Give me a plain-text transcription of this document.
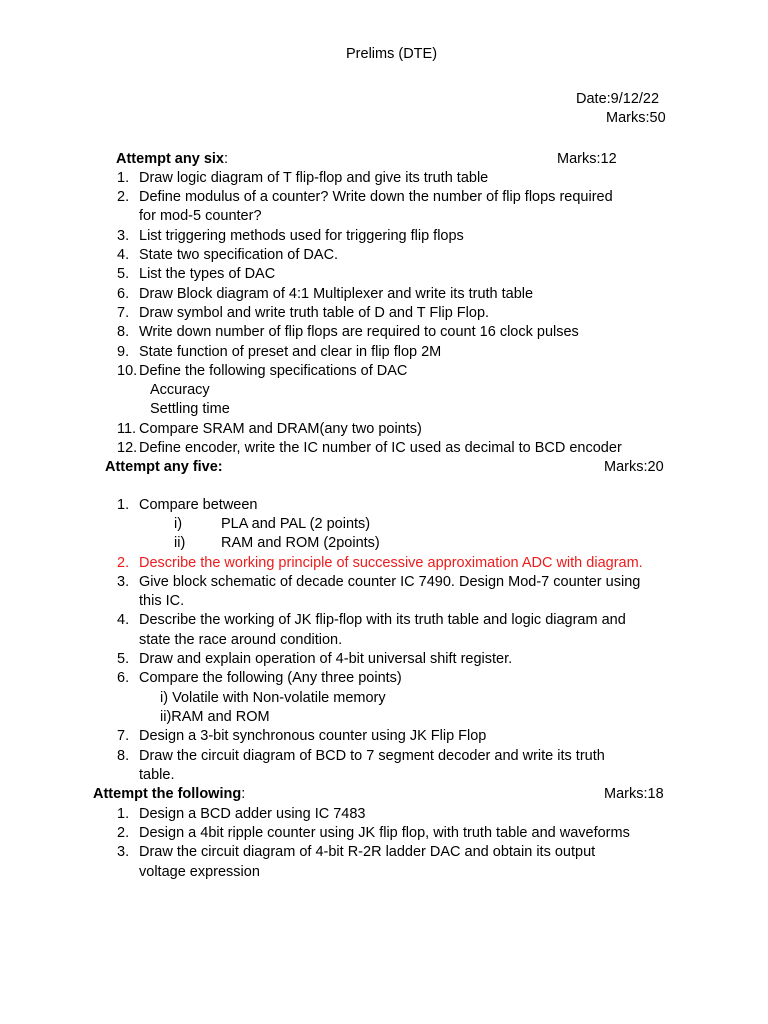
Prelims (DTE)
Date:9/12/22
Marks:50
Attempt any six:	Marks:12
1. Draw logic diagram of T flip-flop and give its truth table
2. Define modulus of a counter? Write down the number of flip flops required
for mod-5 counter?
3. List triggering methods used for triggering flip flops
4. State two specification of DAC.
5. List the types of DAC
6. Draw Block diagram of 4:1 Multiplexer and write its truth table
7. Draw symbol and write truth table of D and T Flip Flop.
8. Write down number of flip flops are required to count 16 clock pulses
9. State function of preset and clear in flip flop 2M
10. Define the following specifications of DAC
Accuracy
Settling time
11. Compare SRAM and DRAM(any two points)
12. Define encoder, write the IC number of IC used as decimal to BCD encoder
Attempt any five:	Marks:20
1. Compare between
i)	PLA and PAL (2 points)
ii) RAM and ROM (2points)
2. Describe the working principle of successive approximation ADC with diagram.
3. Give block schematic of decade counter IC 7490. Design Mod-7 counter using
this IC.
4. Describe the working of JK flip-flop with its truth table and logic diagram and
state the race around condition.
5. Draw and explain operation of 4-bit universal shift register.
6. Compare the following (Any three points)
i) Volatile with Non-volatile memory
ii)RAM and ROM
7. Design a 3-bit synchronous counter using JK Flip Flop
8. Draw the circuit diagram of BCD to 7 segment decoder and write its truth
table.
Attempt the following:	Marks:18
1. Design a BCD adder using IC 7483
2. Design a 4bit ripple counter using JK flip flop, with truth table and waveforms
3. Draw the circuit diagram of 4-bit R-2R ladder DAC and obtain its output
voltage expression
